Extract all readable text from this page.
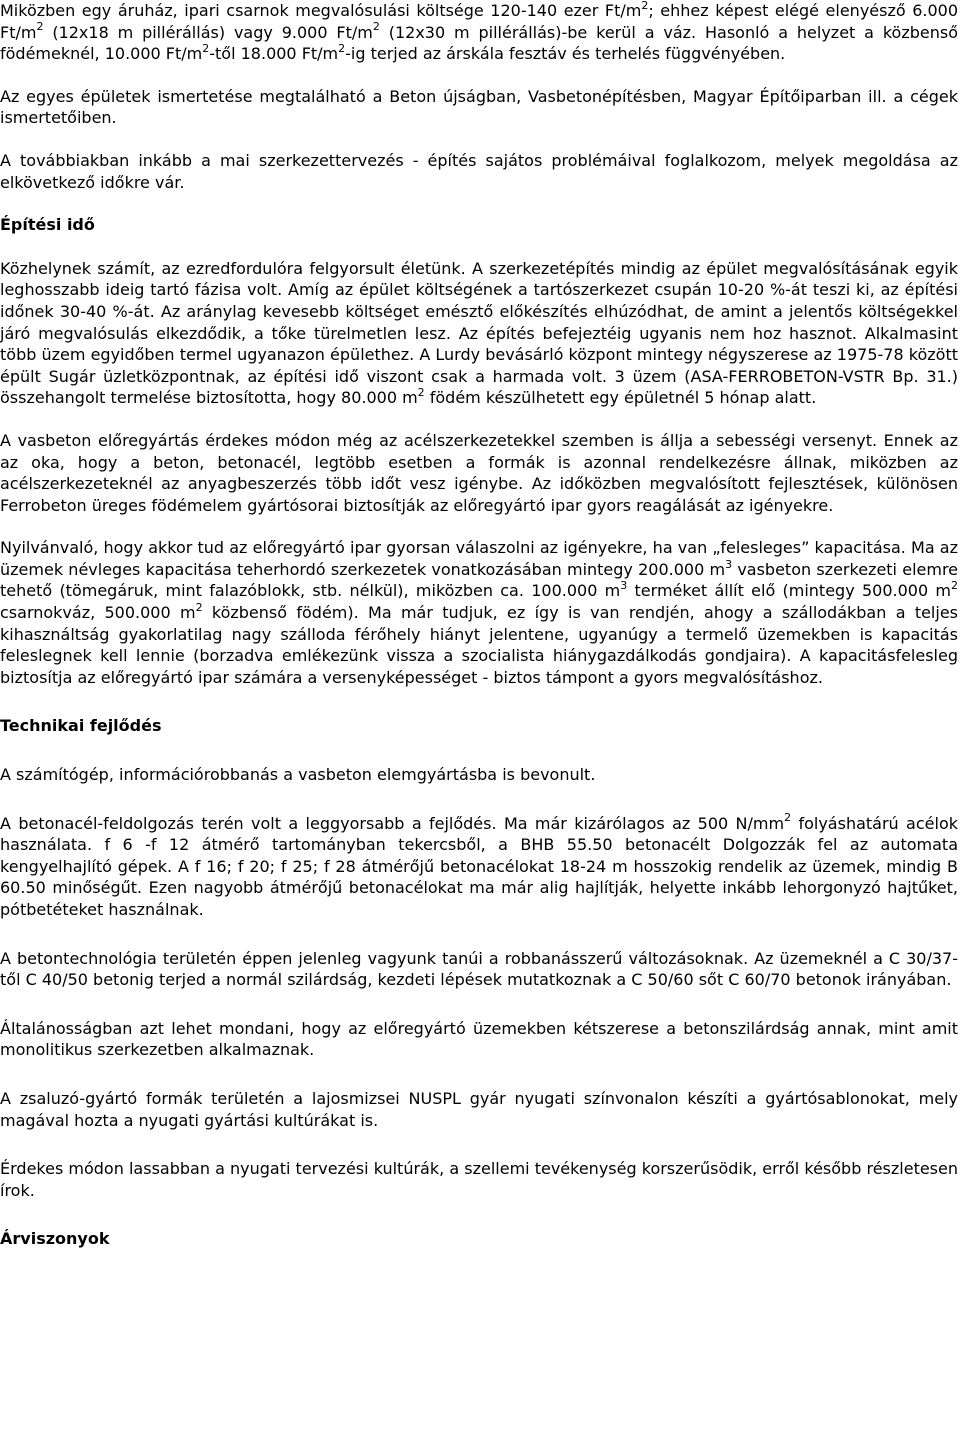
Miközben egy áruház, ipari csarnok megvalósulási költsége 120-140 ezer $Ft/m^2$; ehhez képest elégé elenyésző 6.000 $Ft/m^2$ (12x18 m pillérállás) vagy 9.000 $Ft/m^2$ (12x30 m pillérállás)-be kerül a váz. Hasonló a helyzet a közbenső födémeknél, 10.000 $Ft/m^2$-től 18.000 $Ft/m^2-ig$ terjed az árskála fesztáv és terhelés függvényében.

Az egyes épületek ismertetése megtalálható a Beton újságban, Vasbetonépítésben, Magyar Építőiparban ill. a cégek ismertetőiben.

A továbbiakban inkább a mai szerkezettervezés - építés sajátos problémáival foglalkozom, melyek megoldása az elkövetkező időkre vár.

Építési idő

Közhelynek számít, az ezredfordulóra felgyorsult életünk. A szerkezetépítés mindig az épület megvalósításának egyik leghosszabb ideig tartó fázisa volt. Amíg az épület költségének a tartószerkezet csupán 10-20 %-át teszi ki, az építési időnek 30-40 %-át. Az aránylag kevesebb költséget emésztő előkészítés elhúzódhat, de amint a jelentős költségekkel járó megvalósulás elkezdődik, a tőke türelmetlen lesz. Az építés befejeztéig ugyanis nem hoz hasznot. Alkalmasint több üzem egyidőben termel ugyanazon épülethez. A Lurdy bevásárló központ mintegy négyszerese az 1975-78 között épült Sugár üzletközpontnak, az építési idő viszont csak a harmada volt. 3 üzem (ASA-FERROBETON-VSTR Bp. 31.) összehangolt termelése biztosította, hogy 80.000 $m^2$ födém készülhetett egy épületnél 5 hónap alatt.

A vasbeton előregyártás érdekes módon még az acélszerkezetekkel szemben is állja a sebességi versenyt. Ennek az az oka, hogy a beton, betonacél, legtöbb esetben a formák is azonnal rendelkezésre állnak, miközben az acélszerkezeteknél az anyagbeszerzés több időt vesz igénybe. Az időközben megvalósított fejlesztések, különösen Ferrobeton üreges födémelem gyártósorai biztosítják az előregyártó ipar gyors reagálását az igényekre.

Nyilvánvaló, hogy akkor tud az előregyártó ipar gyorsan válaszolni az igényekre, ha van „felesleges” kapacitása. Ma az üzemek névleges kapacitása teherhordó szerkezetek vonatkozásában mintegy 200.000 $m^3$ vasbeton szerkezeti elemre tehető (tömegáruk, mint falazóblokk, stb. nélkül), miközben ca. 100.000 $m^3$ terméket állít elő (mintegy 500.000 $m^2$ csarnokváz, 500.000 $m^2$ közbenső födém). Ma már tudjuk, ez így is van rendjén, ahogy a szállodákban a teljes kihasználtság gyakorlatilag nagy szálloda férőhely hiányt jelentene, ugyanúgy a termelő üzemekben is kapacitás feleslegnek kell lennie (borzadva emlékezünk vissza a szocialista hiánygazdálkodás gondjaira). A kapacitásfelesleg biztosítja az előregyártó ipar számára a versenyképességet - biztos támpont a gyors megvalósításhoz.

Technikai fejlődés

A számítógép, információrobbanás a vasbeton elemgyártásba is bevonult.

A betonacél-feldolgozás terén volt a leggyorsabb a fejlődés. Ma már kizárólagos az 500 $N/mm^2$ folyáshatárú acélok használata. f 6 -f 12 átmérő tartományban tekercsből, a BHB 55.50 betonacélt Dolgozzák fel az automata kengyelhajlító gépek. A f 16; f 20; f 25; f 28 átmérőjű betonacélokat 18-24 m hosszokig rendelik az üzemek, mindig B 60.50 minőségűt. Ezen nagyobb átmérőjű betonacélokat ma már alig hajlítják, helyette inkább lehorgonyzó hajtűket, pótbetéteket használnak.

A betontechnológia területén éppen jelenleg vagyunk tanúi a robbanásszerű változásoknak. Az üzemeknél a C 30/37-től C 40/50 betonig terjed a normál szilárdság, kezdeti lépések mutatkoznak a C 50/60 sőt C 60/70 betonok irányában.

Általánosságban azt lehet mondani, hogy az előregyártó üzemekben kétszerese a betonszilárdság annak, mint amit monolitikus szerkezetben alkalmaznak.

A zsaluzó-gyártó formák területén a lajosmizsei NUSPL gyár nyugati színvonalon készíti a gyártósablonokat, mely magával hozta a nyugati gyártási kultúrákat is.

Érdekes módon lassabban a nyugati tervezési kultúrák, a szellemi tevékenység korszerűsödik, erről később részletesen írok.

Árviszonyok
